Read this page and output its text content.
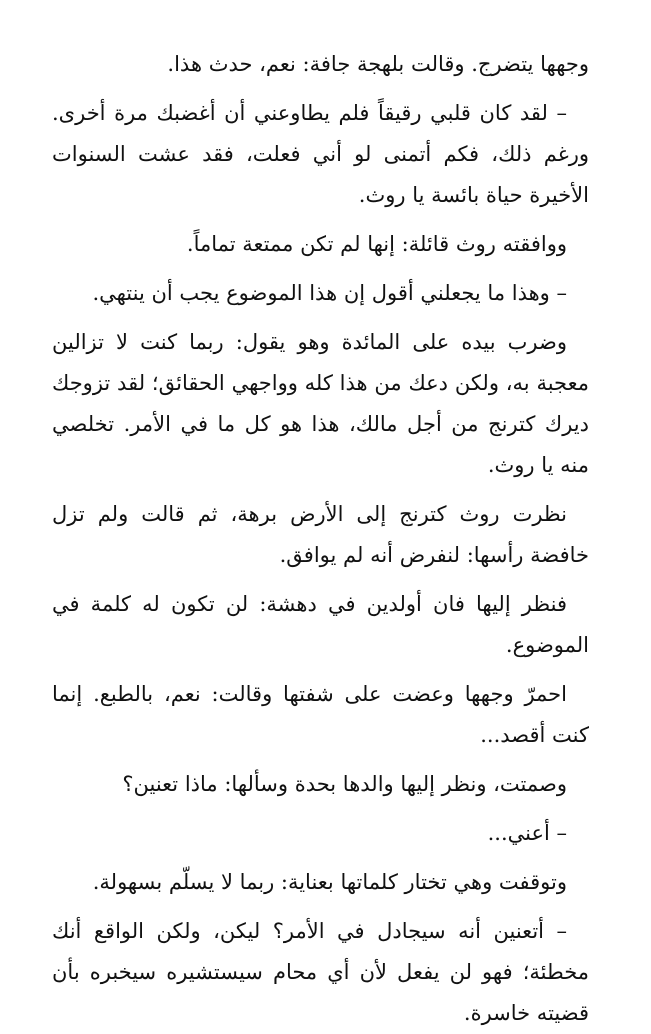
وجهها يتضرج. وقالت بلهجة جافة: نعم، حدث هذا.

– لقد كان قلبي رقيقاً فلم يطاوعني أن أغضبك مرة أخرى. ورغم ذلك، فكم أتمنى لو أني فعلت، فقد عشت السنوات الأخيرة حياة بائسة يا روث.

ووافقته روث قائلة: إنها لم تكن ممتعة تماماً.

– وهذا ما يجعلني أقول إن هذا الموضوع يجب أن ينتهي.

وضرب بيده على المائدة وهو يقول: ربما كنت لا تزالين معجبة به، ولكن دعك من هذا كله وواجهي الحقائق؛ لقد تزوجك ديرك كترنج من أجل مالك، هذا هو كل ما في الأمر. تخلصي منه يا روث.

نظرت روث كترنج إلى الأرض برهة، ثم قالت ولم تزل خافضة رأسها: لنفرض أنه لم يوافق.

فنظر إليها فان أولدين في دهشة: لن تكون له كلمة في الموضوع.

احمرّ وجهها وعضت على شفتها وقالت: نعم، بالطبع. إنما كنت أقصد...

وصمتت، ونظر إليها والدها بحدة وسألها: ماذا تعنين؟

– أعني...

وتوقفت وهي تختار كلماتها بعناية: ربما لا يسلّم بسهولة.

– أتعنين أنه سيجادل في الأمر؟ ليكن، ولكن الواقع أنك مخطئة؛ فهو لن يفعل لأن أي محام سيستشيره سيخبره بأن قضيته خاسرة.
